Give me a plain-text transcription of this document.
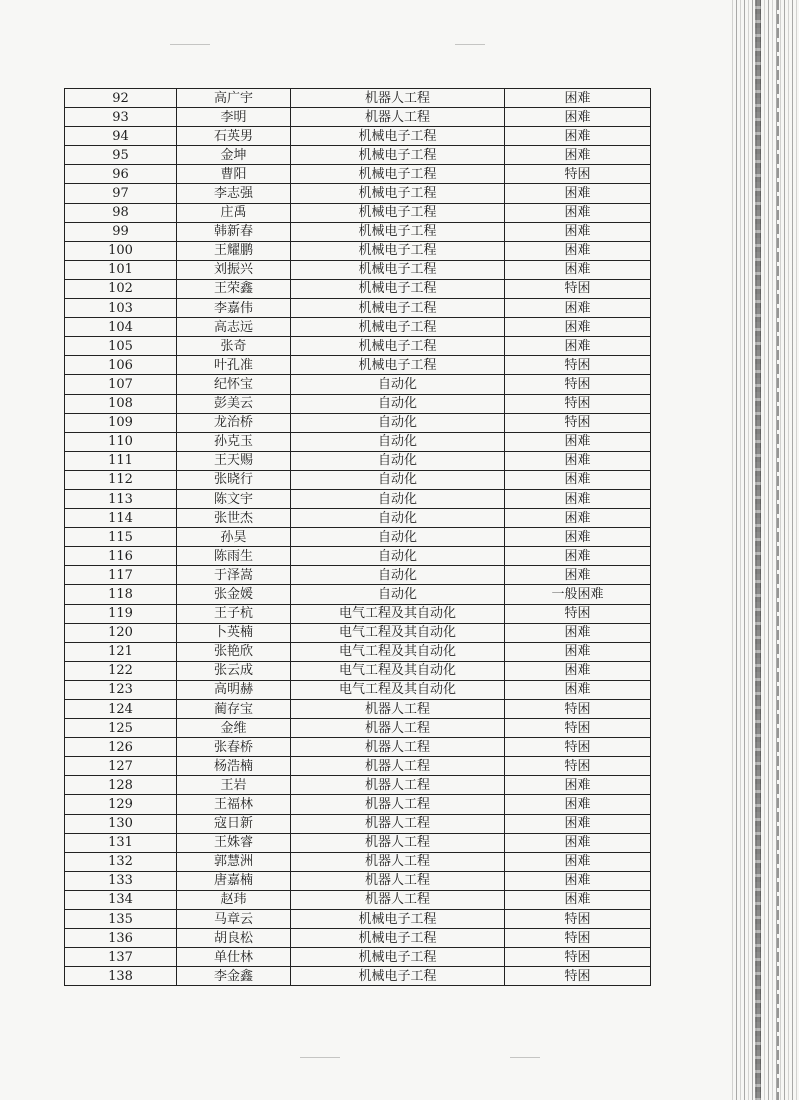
92	高广宇	机器人工程	困难
93	李明	机器人工程	困难
94	石英男	机械电子工程	困难
95	金坤	机械电子工程	困难
96	曹阳	机械电子工程	特困
97	李志强	机械电子工程	困难
98	庄禹	机械电子工程	困难
99	韩新春	机械电子工程	困难
100	王耀鹏	机械电子工程	困难
101	刘振兴	机械电子工程	困难
102	王荣鑫	机械电子工程	特困
103	李嘉伟	机械电子工程	困难
104	高志远	机械电子工程	困难
105	张奇	机械电子工程	困难
106	叶孔准	机械电子工程	特困
107	纪怀宝	自动化	特困
108	彭美云	自动化	特困
109	龙治桥	自动化	特困
110	孙克玉	自动化	困难
111	王天赐	自动化	困难
112	张晓行	自动化	困难
113	陈文宇	自动化	困难
114	张世杰	自动化	困难
115	孙昊	自动化	困难
116	陈雨生	自动化	困难
117	于泽嵩	自动化	困难
118	张金媛	自动化	一般困难
119	王子杭	电气工程及其自动化	特困
120	卜英楠	电气工程及其自动化	困难
121	张艳欣	电气工程及其自动化	困难
122	张云成	电气工程及其自动化	困难
123	高明赫	电气工程及其自动化	困难
124	蔺存宝	机器人工程	特困
125	金维	机器人工程	特困
126	张春桥	机器人工程	特困
127	杨浩楠	机器人工程	特困
128	王岩	机器人工程	困难
129	王福林	机器人工程	困难
130	寇日新	机器人工程	困难
131	王姝睿	机器人工程	困难
132	郭慧洲	机器人工程	困难
133	唐嘉楠	机器人工程	困难
134	赵玮	机器人工程	困难
135	马章云	机械电子工程	特困
136	胡良松	机械电子工程	特困
137	单仕林	机械电子工程	特困
138	李金鑫	机械电子工程	特困
